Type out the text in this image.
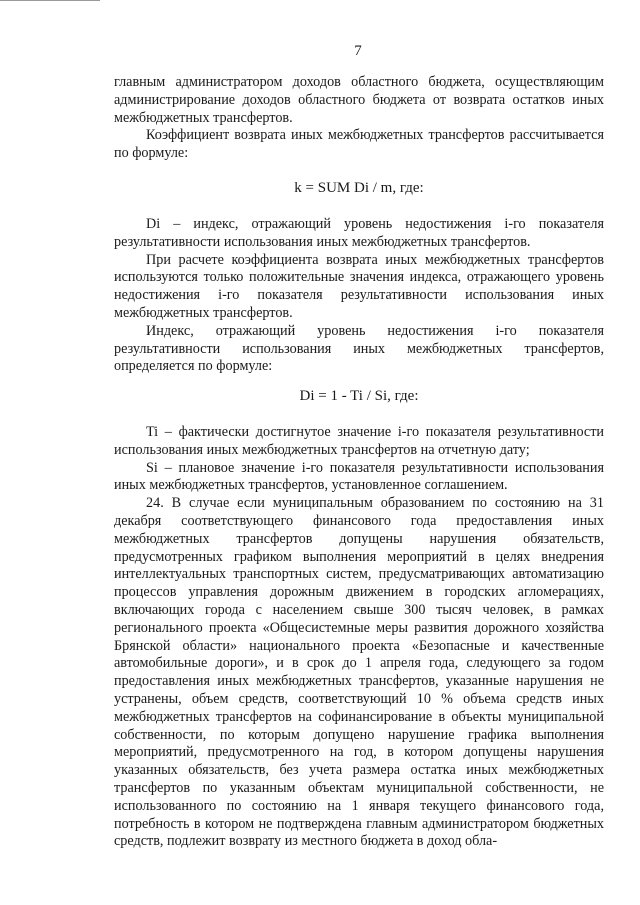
7

главным администратором доходов областного бюджета, осуществляющим администрирование доходов областного бюджета от возврата остатков иных межбюджетных трансфертов.

Коэффициент возврата иных межбюджетных трансфертов рассчитывается по формуле:

k = SUM Di / m, где:

Di – индекс, отражающий уровень недостижения i-го показателя результативности использования иных межбюджетных трансфертов.

При расчете коэффициента возврата иных межбюджетных трансфертов используются только положительные значения индекса, отражающего уровень недостижения i-го показателя результативности использования иных межбюджетных трансфертов.

Индекс, отражающий уровень недостижения i-го показателя результативности использования иных межбюджетных трансфертов, определяется по формуле:

Di = 1 - Ti / Si, где:

Ti – фактически достигнутое значение i-го показателя результативности использования иных межбюджетных трансфертов на отчетную дату;

Si – плановое значение i-го показателя результативности использования иных межбюджетных трансфертов, установленное соглашением.

24. В случае если муниципальным образованием по состоянию на 31 декабря соответствующего финансового года предоставления иных межбюджетных трансфертов допущены нарушения обязательств, предусмотренных графиком выполнения мероприятий в целях внедрения интеллектуальных транспортных систем, предусматривающих автоматизацию процессов управления дорожным движением в городских агломерациях, включающих города с населением свыше 300 тысяч человек, в рамках регионального проекта «Общесистемные меры развития дорожного хозяйства Брянской области» национального проекта «Безопасные и качественные автомобильные дороги», и в срок до 1 апреля года, следующего за годом предоставления иных межбюджетных трансфертов, указанные нарушения не устранены, объем средств, соответствующий 10 % объема средств иных межбюджетных трансфертов на софинансирование в объекты муниципальной собственности, по которым допущено нарушение графика выполнения мероприятий, предусмотренного на год, в котором допущены нарушения указанных обязательств, без учета размера остатка иных межбюджетных трансфертов по указанным объектам муниципальной собственности, не использованного по состоянию на 1 января текущего финансового года, потребность в котором не подтверждена главным администратором бюджетных средств, подлежит возврату из местного бюджета в доход обла-
